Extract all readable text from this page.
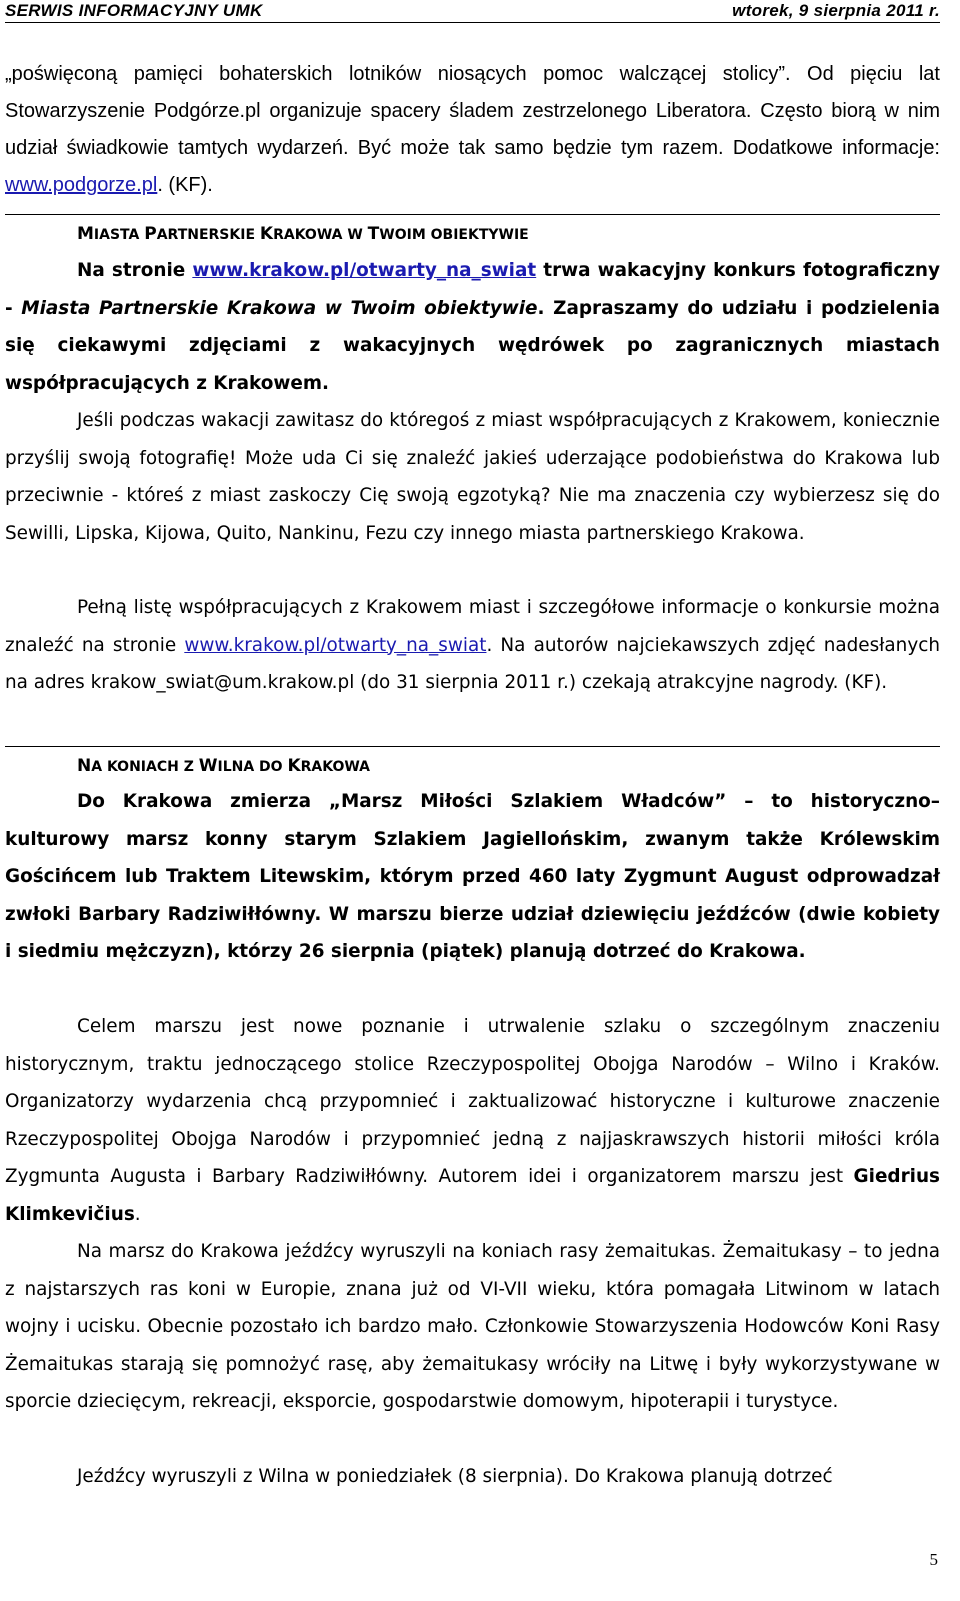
SERWIS INFORMACYJNY UMK	wtorek, 9 sierpnia 2011 r.

„poświęconą pamięci bohaterskich lotników niosących pomoc walczącej stolicy”. Od pięciu lat Stowarzyszenie Podgórze.pl organizuje spacery śladem zestrzelonego Liberatora. Często biorą w nim udział świadkowie tamtych wydarzeń. Być może tak samo będzie tym razem. Dodatkowe informacje: www.podgorze.pl. (KF).

MIASTA PARTNERSKIE KRAKOWA W TWOIM OBIEKTYWIE

Na stronie www.krakow.pl/otwarty_na_swiat trwa wakacyjny konkurs fotograficzny - Miasta Partnerskie Krakowa w Twoim obiektywie. Zapraszamy do udziału i podzielenia się ciekawymi zdjęciami z wakacyjnych wędrówek po zagranicznych miastach współpracujących z Krakowem.

Jeśli podczas wakacji zawitasz do któregoś z miast współpracujących z Krakowem, koniecznie przyślij swoją fotografię! Może uda Ci się znaleźć jakieś uderzające podobieństwa do Krakowa lub przeciwnie - któreś z miast zaskoczy Cię swoją egzotyką? Nie ma znaczenia czy wybierzesz się do Sewilli, Lipska, Kijowa, Quito, Nankinu, Fezu czy innego miasta partnerskiego Krakowa.

Pełną listę współpracujących z Krakowem miast i szczegółowe informacje o konkursie można znaleźć na stronie www.krakow.pl/otwarty_na_swiat. Na autorów najciekawszych zdjęć nadesłanych na adres krakow_swiat@um.krakow.pl (do 31 sierpnia 2011 r.) czekają atrakcyjne nagrody. (KF).

NA KONIACH Z WILNA DO KRAKOWA

Do Krakowa zmierza „Marsz Miłości Szlakiem Władców” – to historyczno–kulturowy marsz konny starym Szlakiem Jagiellońskim, zwanym także Królewskim Gościńcem lub Traktem Litewskim, którym przed 460 laty Zygmunt August odprowadzał zwłoki Barbary Radziwiłłówny. W marszu bierze udział dziewięciu jeźdźców (dwie kobiety i siedmiu mężczyzn), którzy 26 sierpnia (piątek) planują dotrzeć do Krakowa.

Celem marszu jest nowe poznanie i utrwalenie szlaku o szczególnym znaczeniu historycznym, traktu jednoczącego stolice Rzeczypospolitej Obojga Narodów – Wilno i Kraków. Organizatorzy wydarzenia chcą przypomnieć i zaktualizować historyczne i kulturowe znaczenie Rzeczypospolitej Obojga Narodów i przypomnieć jedną z najjaskrawszych historii miłości króla Zygmunta Augusta i Barbary Radziwiłłówny. Autorem idei i organizatorem marszu jest Giedrius Klimkevičius.

Na marsz do Krakowa jeźdźcy wyruszyli na koniach rasy żemaitukas. Żemaitukasy – to jedna z najstarszych ras koni w Europie, znana już od VI-VII wieku, która pomagała Litwinom w latach wojny i ucisku. Obecnie pozostało ich bardzo mało. Członkowie Stowarzyszenia Hodowców Koni Rasy Żemaitukas starają się pomnożyć rasę, aby żemaitukasy wróciły na Litwę i były wykorzystywane w sporcie dziecięcym, rekreacji, eksporcie, gospodarstwie domowym, hipoterapii i turystyce.

Jeźdźcy wyruszyli z Wilna w poniedziałek (8 sierpnia). Do Krakowa planują dotrzeć

5
